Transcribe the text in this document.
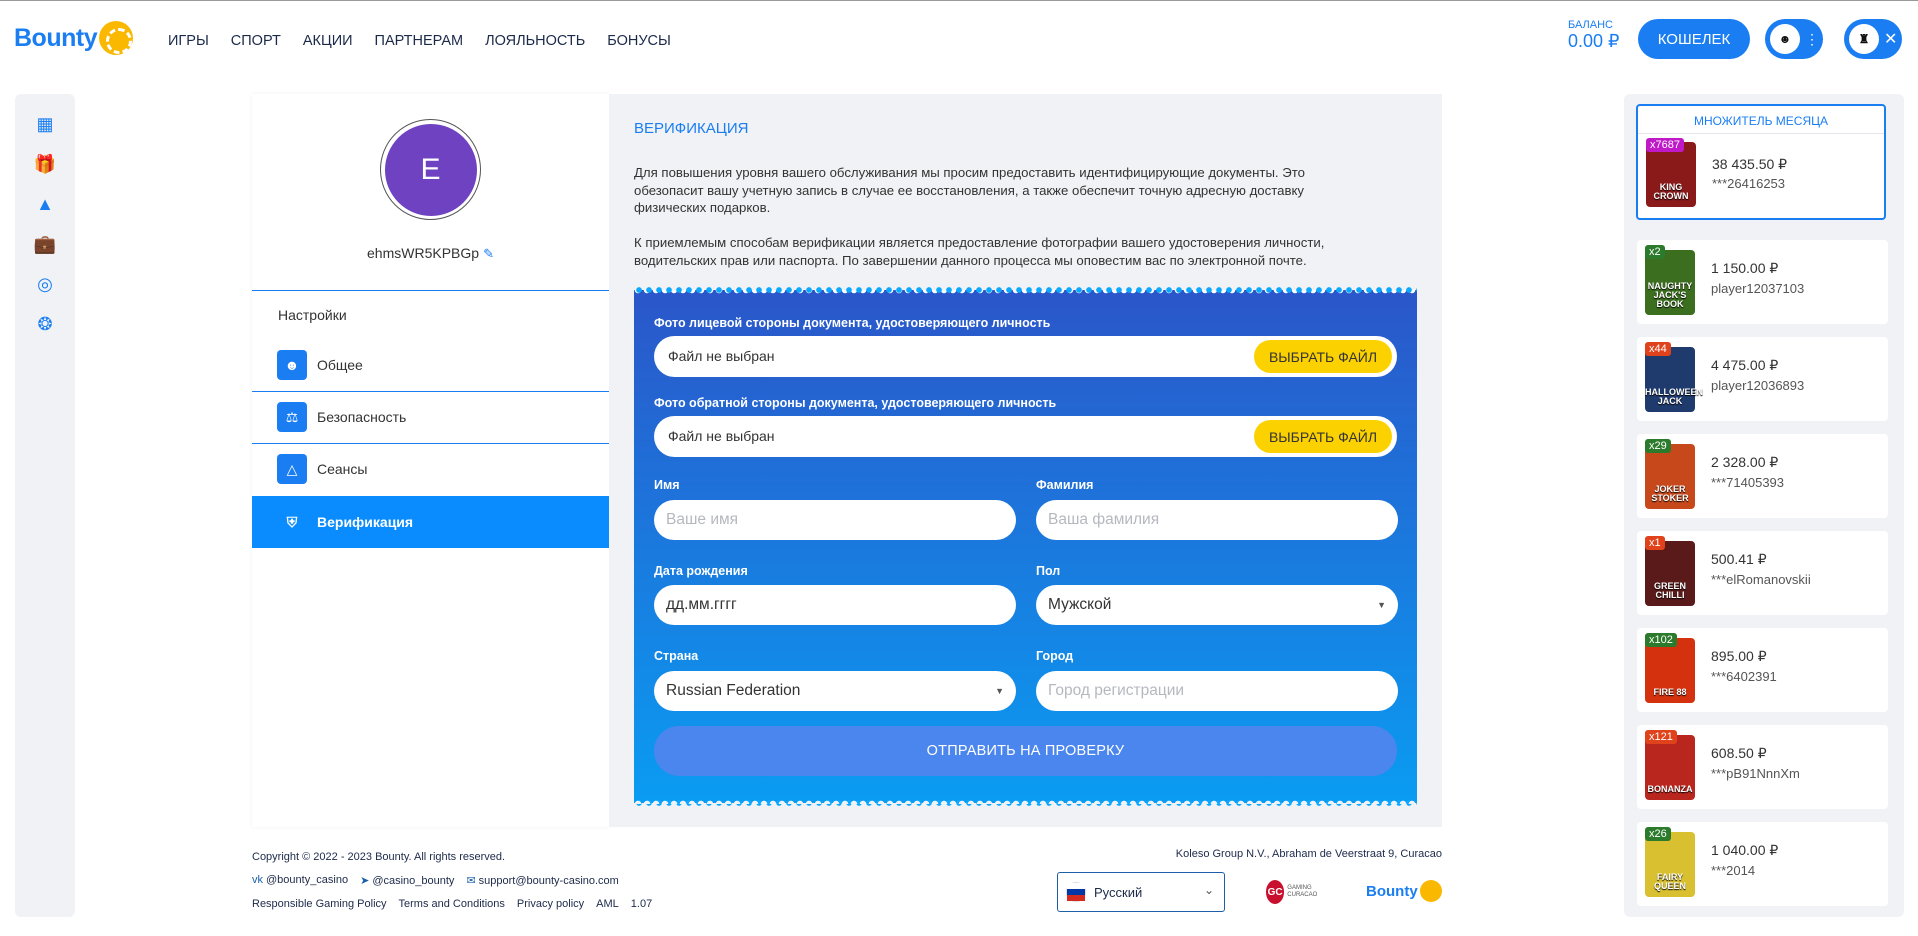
Bounty	ИГРЫ СПОРТ АКЦИИ ПАРТНЕРАМ ЛОЯЛЬНОСТЬ БОНУСЫ
БАЛАНС
0.00 ₽	КОШЕЛЕК	☻ ⋮	♜ ✕
▦
🎁
▲
💼
◎
❂
E
ehmsWR5KPBGp ✎
Настройки
☻	Общее
⚖	Безопасность
△	Сеансы
⛨	Верификация
ВЕРИФИКАЦИЯ
Для повышения уровня вашего обслуживания мы просим предоставить идентифицирующие документы. Это обезопасит вашу учетную запись в случае ее восстановления, а также обеспечит точную адресную доставку физических подарков.
К приемлемым способам верификации является предоставление фотографии вашего удостоверения личности, водительских прав или паспорта. По завершении данного процесса мы оповестим вас по электронной почте.
Фото лицевой стороны документа, удостоверяющего личность
Файл не выбран	ВЫБРАТЬ ФАЙЛ
Фото обратной стороны документа, удостоверяющего личность
Файл не выбран	ВЫБРАТЬ ФАЙЛ
Имя
Ваше имя	Фамилия
Ваша фамилия
Дата рождения
дд.мм.гггг
Пол
Мужской	▼
Страна
Russian Federation	▼
Город
Город регистрации
ОТПРАВИТЬ НА ПРОВЕРКУ
Copyright © 2022 - 2023 Bounty. All rights reserved.
vk @bounty_casino ➤ @casino_bounty ✉ support@bounty-casino.com
Responsible Gaming Policy Terms and Conditions Privacy policy AML 1.07
Koleso Group N.V., Abraham de Veerstraat 9, Curacao
Русский	⌄	GC GAMING CURACAO	Bounty
МНОЖИТЕЛЬ МЕСЯЦА
KING CROWN
x7687
38 435.50 ₽
***26416253
NAUGHTY JACK'S BOOK
x2
1 150.00 ₽
player12037103
HALLOWEEN JACK
x44
4 475.00 ₽
player12036893
JOKER STOKER
x29
2 328.00 ₽
***71405393
GREEN CHILLI
x1
500.41 ₽
***elRomanovskii
FIRE 88
x102
895.00 ₽
***6402391
BONANZA
x121
608.50 ₽
***pB91NnnXm
FAIRY QUEEN
x26
1 040.00 ₽
***2014
